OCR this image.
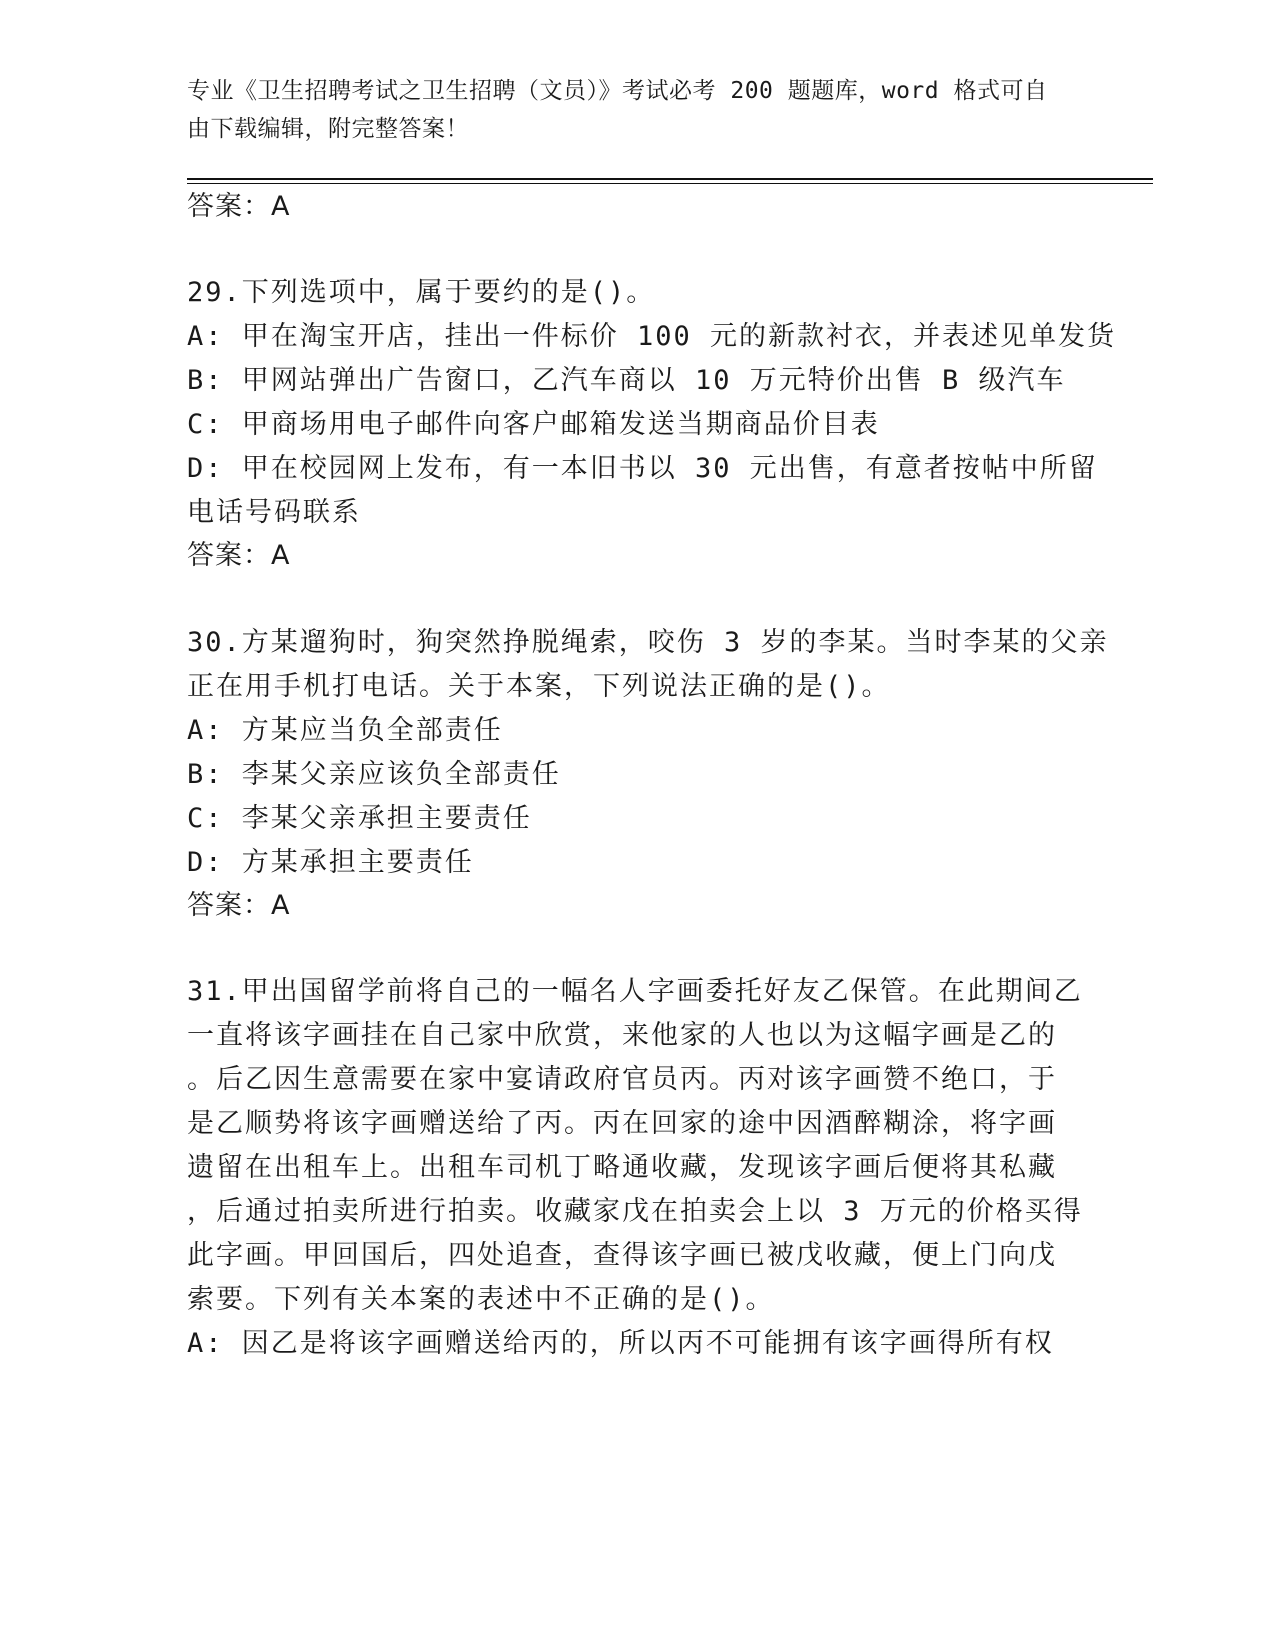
专业《卫生招聘考试之卫生招聘（文员）》考试必考 200 题题库，word 格式可自
由下载编辑，附完整答案！
答案：A
29.下列选项中，属于要约的是()。
A: 甲在淘宝开店，挂出一件标价 100 元的新款衬衣，并表述见单发货
B: 甲网站弹出广告窗口，乙汽车商以 10 万元特价出售 B 级汽车
C: 甲商场用电子邮件向客户邮箱发送当期商品价目表
D: 甲在校园网上发布，有一本旧书以 30 元出售，有意者按帖中所留
电话号码联系
答案：A
30.方某遛狗时，狗突然挣脱绳索，咬伤 3 岁的李某。当时李某的父亲
正在用手机打电话。关于本案，下列说法正确的是()。
A: 方某应当负全部责任
B: 李某父亲应该负全部责任
C: 李某父亲承担主要责任
D: 方某承担主要责任
答案：A
31.甲出国留学前将自己的一幅名人字画委托好友乙保管。在此期间乙
一直将该字画挂在自己家中欣赏，来他家的人也以为这幅字画是乙的
。后乙因生意需要在家中宴请政府官员丙。丙对该字画赞不绝口，于
是乙顺势将该字画赠送给了丙。丙在回家的途中因酒醉糊涂，将字画
遗留在出租车上。出租车司机丁略通收藏，发现该字画后便将其私藏
，后通过拍卖所进行拍卖。收藏家戊在拍卖会上以 3 万元的价格买得
此字画。甲回国后，四处追查，查得该字画已被戊收藏，便上门向戊
索要。下列有关本案的表述中不正确的是()。
A: 因乙是将该字画赠送给丙的，所以丙不可能拥有该字画得所有权
